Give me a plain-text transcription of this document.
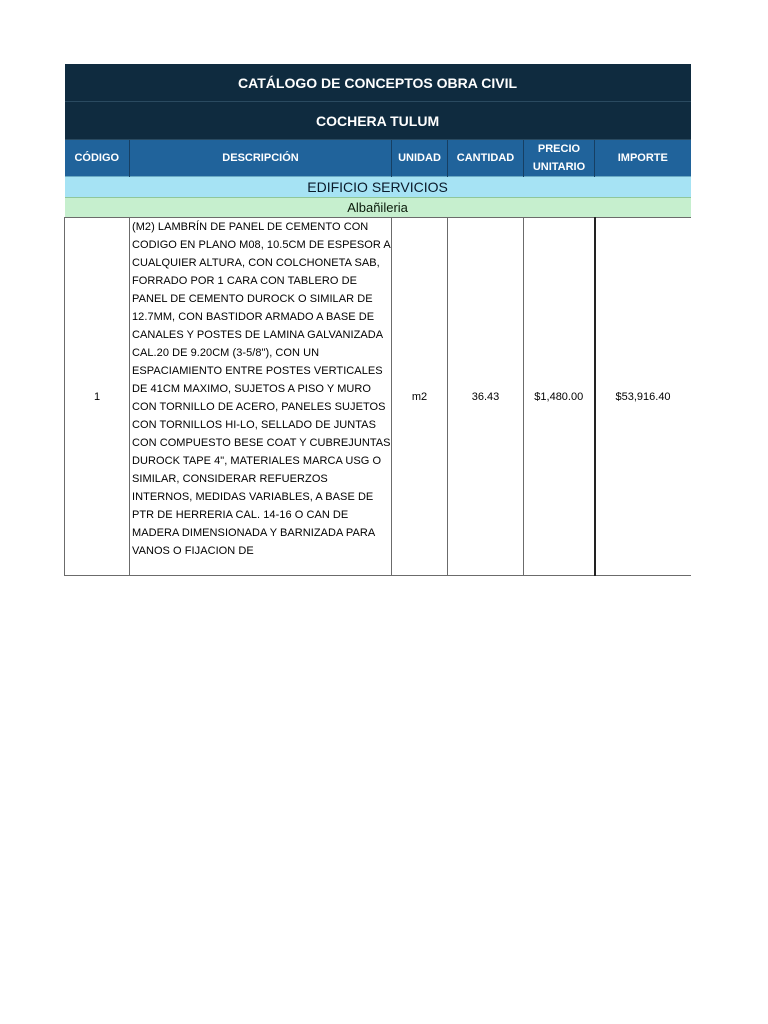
CATÁLOGO DE CONCEPTOS OBRA CIVIL					
COCHERA TULUM					
CÓDIGO	DESCRIPCIÓN	UNIDAD	CANTIDAD	PRECIO UNITARIO	IMPORTE
EDIFICIO SERVICIOS					
Albañileria					
1	(M2) LAMBRÍN DE PANEL DE CEMENTO CON CODIGO EN PLANO M08, 10.5CM DE ESPESOR A CUALQUIER ALTURA, CON COLCHONETA SAB, FORRADO POR 1 CARA CON TABLERO DE PANEL DE CEMENTO DUROCK O SIMILAR DE 12.7MM, CON BASTIDOR ARMADO A BASE DE CANALES Y POSTES DE LAMINA GALVANIZADA CAL.20 DE 9.20CM (3-5/8"), CON UN ESPACIAMIENTO ENTRE POSTES VERTICALES DE 41CM MAXIMO, SUJETOS A PISO Y MURO CON TORNILLO DE ACERO, PANELES SUJETOS CON TORNILLOS HI-LO, SELLADO DE JUNTAS CON COMPUESTO BESE COAT Y CUBREJUNTAS DUROCK TAPE 4", MATERIALES MARCA USG O SIMILAR, CONSIDERAR REFUERZOS INTERNOS, MEDIDAS VARIABLES, A BASE DE PTR DE HERRERIA CAL. 14-16 O CAN DE MADERA DIMENSIONADA Y BARNIZADA PARA VANOS O FIJACION DE	m2	36.43	$1,480.00	$53,916.40
